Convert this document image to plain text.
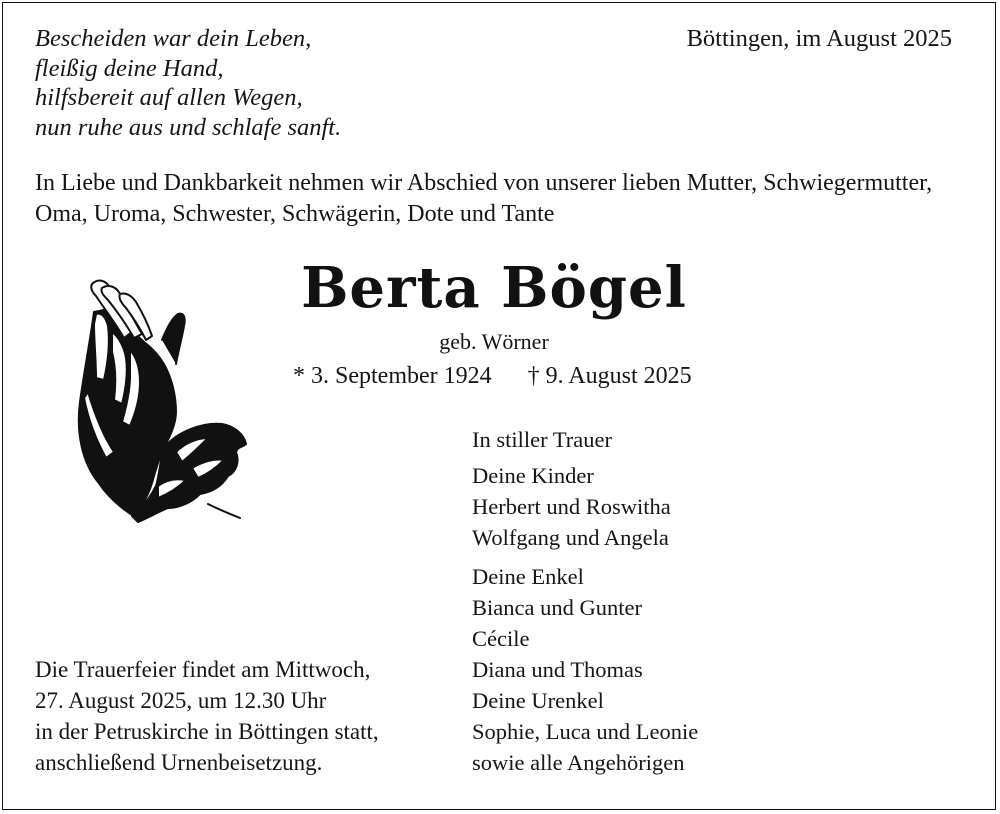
Bescheiden war dein Leben,
fleißig deine Hand,
hilfsbereit auf allen Wegen,
nun ruhe aus und schlafe sanft.
Böttingen, im August 2025
In Liebe und Dankbarkeit nehmen wir Abschied von unserer lieben Mutter, Schwiegermutter,
Oma, Uroma, Schwester, Schwägerin, Dote und Tante
Berta Bögel
geb. Wörner
* 3. September 1924 † 9. August 2025
In stiller Trauer
Deine Kinder
Herbert und Roswitha
Wolfgang und Angela
Deine Enkel
Bianca und Gunter
Cécile
Diana und Thomas
Deine Urenkel
Sophie, Luca und Leonie
sowie alle Angehörigen
Die Trauerfeier findet am Mittwoch,
27. August 2025, um 12.30 Uhr
in der Petruskirche in Böttingen statt,
anschließend Urnenbeisetzung.
